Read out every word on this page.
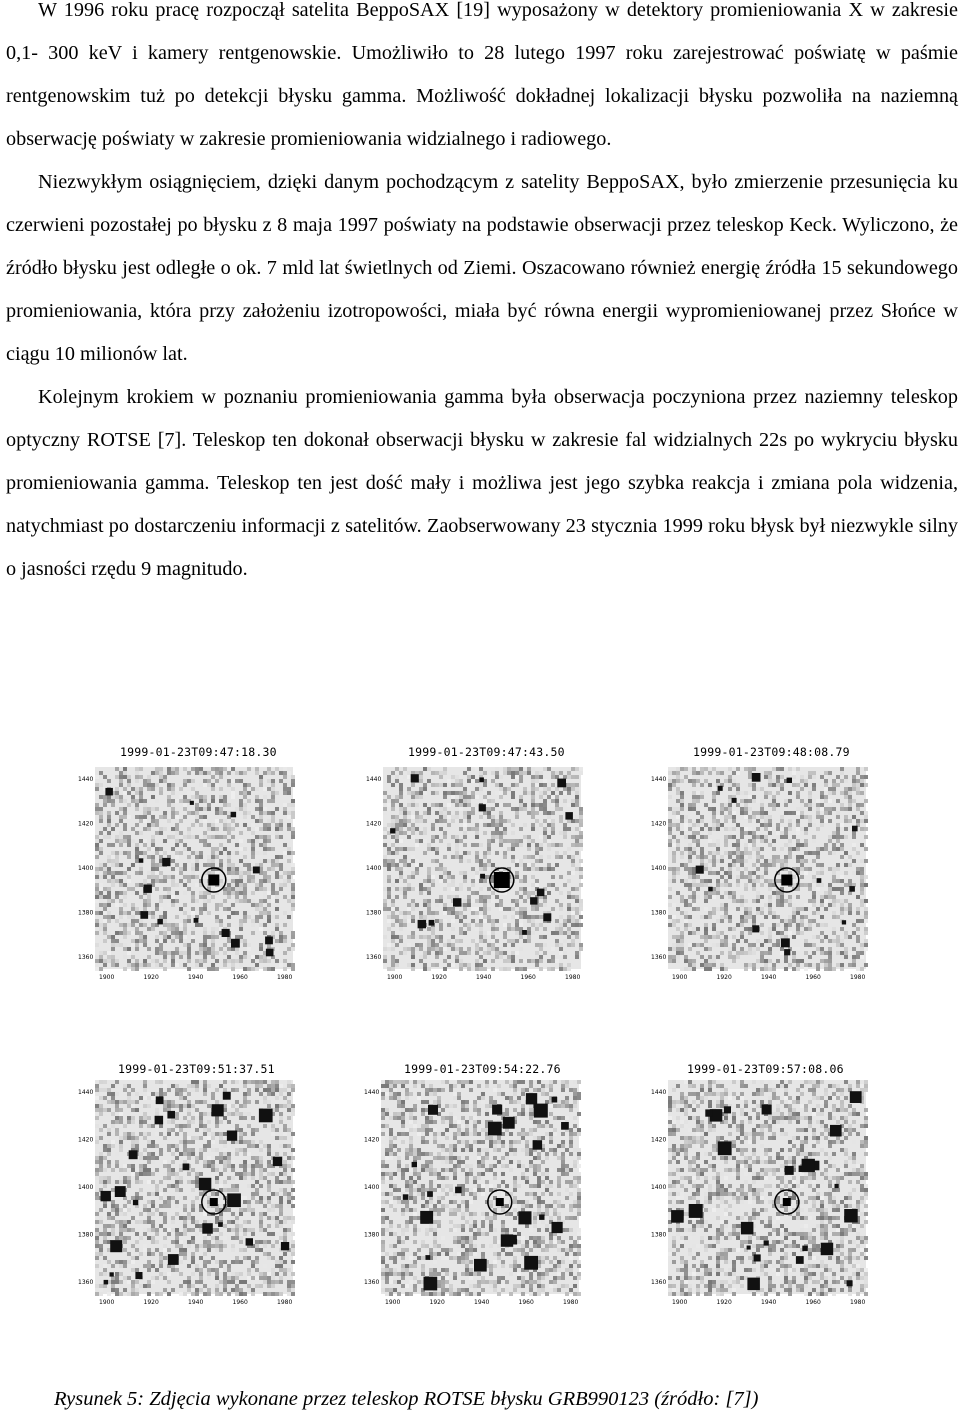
W 1996 roku pracę rozpoczął satelita BeppoSAX [19] wyposażony w detektory promieniowania X w zakresie 0,1- 300 keV i kamery rentgenowskie. Umożliwiło to 28 lutego 1997 roku zarejestrować poświatę w paśmie rentgenowskim tuż po detekcji błysku gamma. Możliwość dokładnej lokalizacji błysku pozwoliła na naziemną obserwację poświaty w zakresie promieniowania widzialnego i radiowego.

Niezwykłym osiągnięciem, dzięki danym pochodzącym z satelity BeppoSAX, było zmierzenie przesunięcia ku czerwieni pozostałej po błysku z 8 maja 1997 poświaty na podstawie obserwacji przez teleskop Keck. Wyliczono, że źródło błysku jest odległe o ok. 7 mld lat świetlnych od Ziemi. Oszacowano również energię źródła 15 sekundowego promieniowania, która przy założeniu izotropowości, miała być równa energii wypromieniowanej przez Słońce w ciągu 10 milionów lat.

Kolejnym krokiem w poznaniu promieniowania gamma była obserwacja poczyniona przez naziemny teleskop optyczny ROTSE [7]. Teleskop ten dokonał obserwacji błysku w zakresie fal widzialnych 22s po wykryciu błysku promieniowania gamma. Teleskop ten jest dość mały i możliwa jest jego szybka reakcja i zmiana pola widzenia, natychmiast po dostarczeniu informacji z satelitów. Zaobserwowany 23 stycznia 1999 roku błysk był niezwykle silny o jasności rzędu 9 magnitudo.

1999-01-23T09:47:18.30
1440
1420
1400
1380
1360
1900	1920	1940	1960	1980
1999-01-23T09:47:43.50
1440
1420
1400
1380
1360
1900	1920	1940	1960	1980
1999-01-23T09:48:08.79
1440
1420
1400
1380
1360
1900	1920	1940	1960	1980
1999-01-23T09:51:37.51
1440
1420
1400
1380
1360
1900	1920	1940	1960	1980
1999-01-23T09:54:22.76
1440
1420
1400
1380
1360
1900	1920	1940	1960	1980
1999-01-23T09:57:08.06
1440
1420
1400
1380
1360
1900	1920	1940	1960	1980
Rysunek 5: Zdjęcia wykonane przez teleskop ROTSE błysku GRB990123 (źródło: [7])
